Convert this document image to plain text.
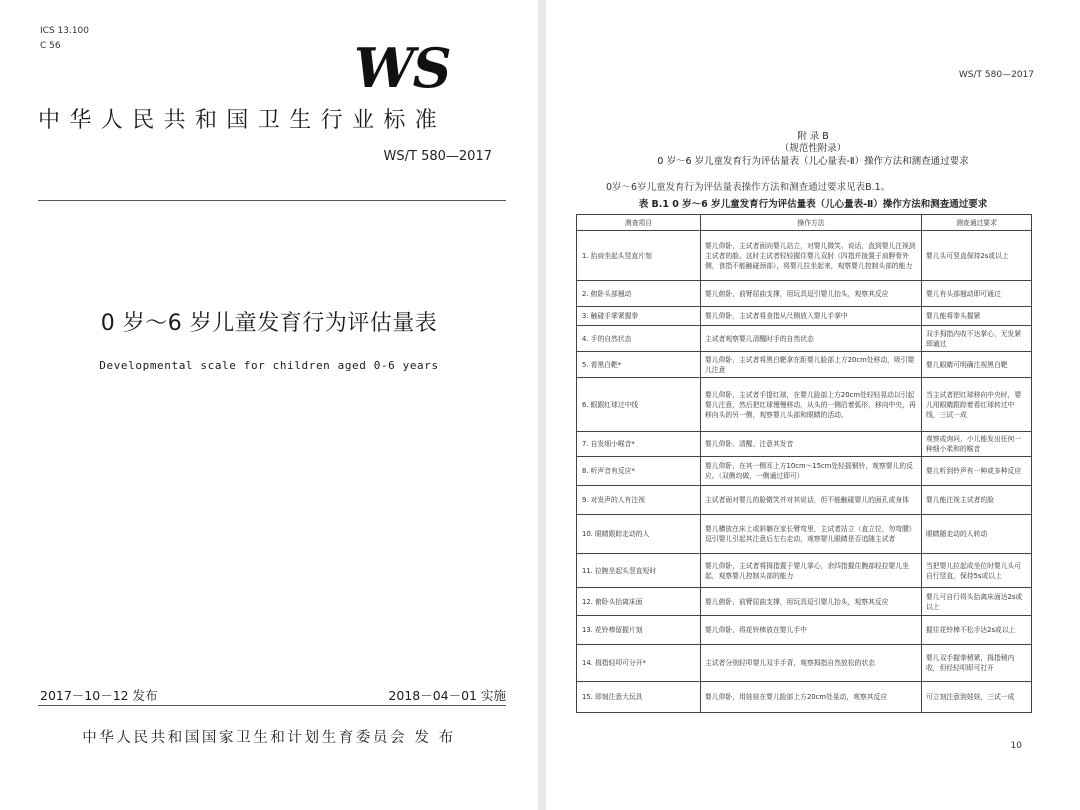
ICS 13.100
C 56	WS
中华人民共和国卫生行业标准
WS/T 580—2017
0 岁～6 岁儿童发育行为评估量表
Developmental scale for children aged 0-6 years
2017－10－12 发布	2018－04－01 实施
中华人民共和国国家卫生和计划生育委员会 发 布
WS/T 580—2017
附 录 B
（规范性附录）
0 岁～6 岁儿童发育行为评估量表（儿心量表-Ⅱ）操作方法和测查通过要求
0岁～6岁儿童发育行为评估量表操作方法和测查通过要求见表B.1。
表 B.1 0 岁～6 岁儿童发育行为评估量表（儿心量表-Ⅱ）操作方法和测查通过要求
测查项目	操作方法	测查通过要求
1. 抬肩坐起头竖直片刻	婴儿仰卧，主试者面向婴儿站立，对婴儿微笑、说话，直到婴儿注视到主试者的脸。这时主试者轻轻握住婴儿双肘（四指并拢置于肩胛骨外侧，食指不能触碰颈部），将婴儿拉坐起来，观察婴儿控制头部的能力	婴儿头可竖直保持2s或以上
2. 俯卧头部翘动	婴儿俯卧，前臂屈曲支撑，用玩具逗引婴儿抬头，观察其反应	婴儿有头部翘动即可通过
3. 触碰手掌紧握拳	婴儿仰卧，主试者将食指从尺侧放入婴儿手掌中	婴儿能将拳头握紧
4. 手的自然状态	主试者观察婴儿清醒时手的自然状态	双手拇指内收不达掌心，无发紧即通过
5. 看黑白靶*	婴儿仰卧，主试者将黑白靶拿在距婴儿脸部上方20cm处移动，吸引婴儿注意	婴儿眼睛可明确注视黑白靶
6. 眼跟红球过中线	婴儿仰卧，主试者手提红球，在婴儿脸部上方20cm处轻轻晃动以引起婴儿注意，然后把红球慢慢移动，从头的一侧沿着弧形，移向中央，再移向头的另一侧，观察婴儿头部和眼睛的活动。	当主试者把红球移向中央时，婴儿用眼睛跟踪着看红球转过中线，三试一成
7. 自发细小喉音*	婴儿仰卧、清醒、注意其发音	观察或询问，小儿能发出任何一种细小柔和的喉音
8. 听声音有反应*	婴儿仰卧，在其一侧耳上方10cm～15cm处轻摇铜铃，观察婴儿的反应。（双侧均做，一侧通过即可）	婴儿听到铃声有一种或多种反应
9. 对发声的人有注视	主试者面对婴儿的脸微笑并对其说话，但不能触碰婴儿的面孔或身体	婴儿能注视主试者的脸
10. 眼睛跟踪走动的人	婴儿横放在床上或斜躺在家长臂弯里，主试者站立（直立位，勿弯腰）逗引婴儿引起其注意后左右走动，观察婴儿眼睛是否追随主试者	眼睛随走动的人转动
11. 拉腕坐起头竖直短时	婴儿仰卧，主试者将拇指置于婴儿掌心，余四指握住腕部轻拉婴儿坐起，观察婴儿控制头部的能力	当把婴儿拉起成坐位时婴儿头可自行竖直，保持5s或以上
12. 俯卧头抬离床面	婴儿俯卧，前臂屈曲支撑，用玩具逗引婴儿抬头，观察其反应	婴儿可自行将头抬离床面达2s或以上
13. 花铃棒留握片刻	婴儿仰卧，将花铃棒放在婴儿手中	握住花铃棒不松手达2s或以上
14. 拇指轻叩可分开*	主试者分别轻叩婴儿双手手背，观察拇指自然放松的状态	婴儿双手握拳稍紧，拇指稍内收，但经轻叩即可打开
15. 即刻注意大玩具	婴儿仰卧，用娃娃在婴儿脸部上方20cm处晃动，观察其反应	可立刻注意到娃娃，三试一成
10
